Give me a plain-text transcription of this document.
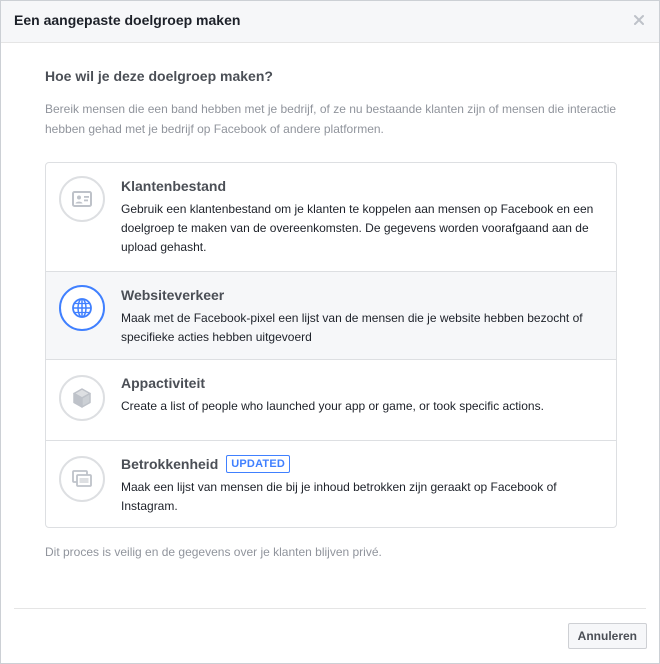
Een aangepaste doelgroep maken
Hoe wil je deze doelgroep maken?
Bereik mensen die een band hebben met je bedrijf, of ze nu bestaande klanten zijn of mensen die interactie hebben gehad met je bedrijf op Facebook of andere platformen.
Klantenbestand
Gebruik een klantenbestand om je klanten te koppelen aan mensen op Facebook en een doelgroep te maken van de overeenkomsten. De gegevens worden voorafgaand aan de upload gehasht.
Websiteverkeer
Maak met de Facebook-pixel een lijst van de mensen die je website hebben bezocht of specifieke acties hebben uitgevoerd
Appactiviteit
Create a list of people who launched your app or game, or took specific actions.
Betrokkenheid	UPDATED
Maak een lijst van mensen die bij je inhoud betrokken zijn geraakt op Facebook of Instagram.
Dit proces is veilig en de gegevens over je klanten blijven privé.
Annuleren
